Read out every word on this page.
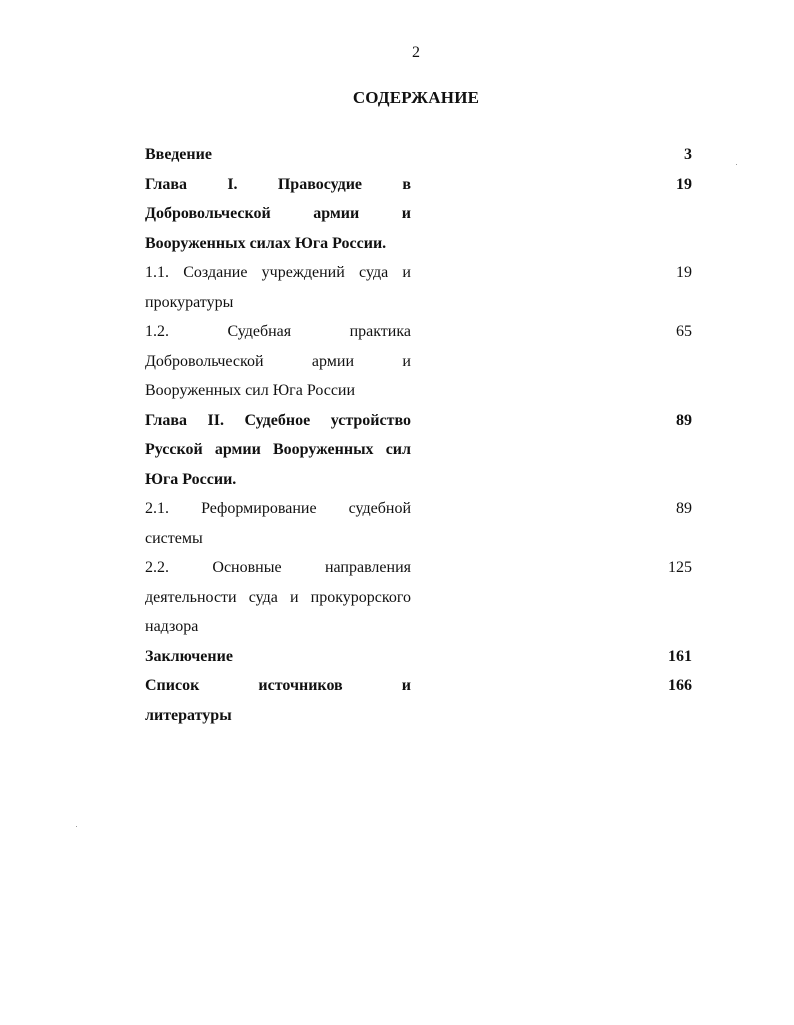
2
СОДЕРЖАНИЕ
Введение	3
Глава I. Правосудие в
Добровольческой армии и
Вооруженных силах Юга России.
19
1.1. Создание учреждений суда и
прокуратуры
19
1.2. Судебная практика
Добровольческой армии и
Вооруженных сил Юга России
65
Глава II. Судебное устройство
Русской армии Вооруженных сил
Юга России.
89
2.1. Реформирование судебной
системы
89
2.2. Основные направления
деятельности суда и прокурорского
надзора
125
Заключение	161
Список источников и
литературы
166
